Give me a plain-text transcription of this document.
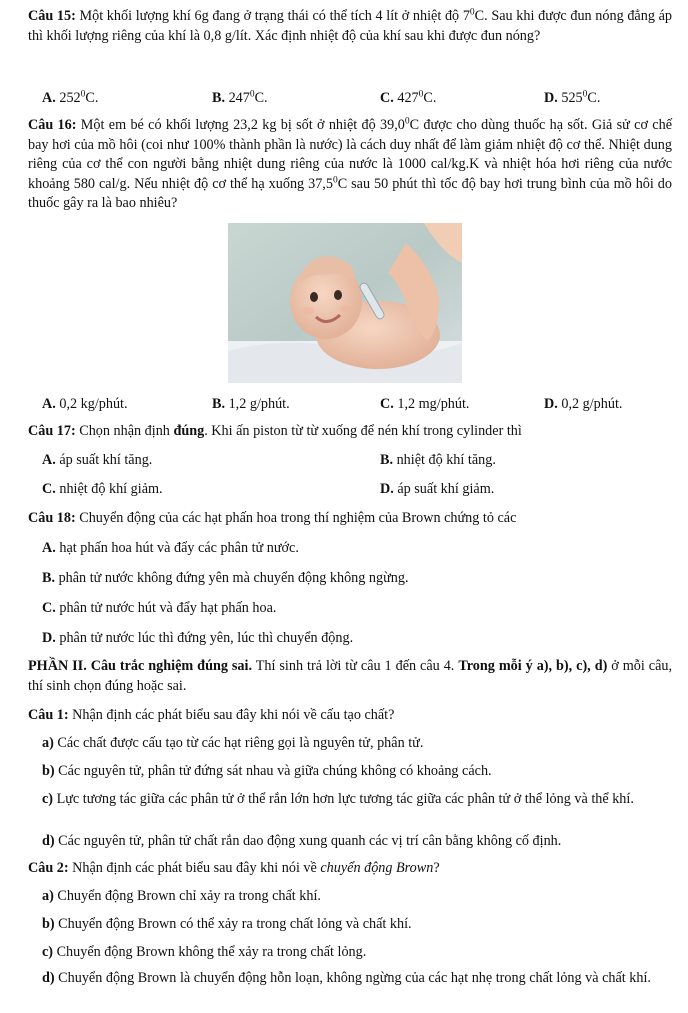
Câu 15: Một khối lượng khí 6g đang ở trạng thái có thể tích 4 lít ở nhiệt độ $7^0C$. Sau khi được đun nóng đẳng áp thì khối lượng riêng của khí là 0,8 g/lít. Xác định nhiệt độ của khí sau khi được đun nóng?
A. $252^0C$.	B. $247^0C$.	C. $427^0C$.	D. $525^0C$.
Câu 16: Một em bé có khối lượng 23,2 kg bị sốt ở nhiệt độ 39,0$^0$C được cho dùng thuốc hạ sốt. Giả sử cơ chế bay hơi của mồ hôi (coi như 100% thành phần là nước) là cách duy nhất để làm giảm nhiệt độ cơ thể. Nhiệt dung riêng của cơ thể con người bằng nhiệt dung riêng của nước là 1000 cal/kg.K và nhiệt hóa hơi riêng của nước khoảng 580 cal/g. Nếu nhiệt độ cơ thể hạ xuống 37,5$^0$C sau 50 phút thì tốc độ bay hơi trung bình của mồ hôi do thuốc gây ra là bao nhiêu?
A. 0,2 kg/phút.	B. 1,2 g/phút.	C. 1,2 mg/phút.	D. 0,2 g/phút.
Câu 17: Chọn nhận định đúng. Khi ấn piston từ từ xuống để nén khí trong cylinder thì
A. áp suất khí tăng.	B. nhiệt độ khí tăng.
C. nhiệt độ khí giảm.	D. áp suất khí giảm.
Câu 18: Chuyển động của các hạt phấn hoa trong thí nghiệm của Brown chứng tỏ các
A. hạt phấn hoa hút và đẩy các phân tử nước.
B. phân tử nước không đứng yên mà chuyển động không ngừng.
C. phân tử nước hút và đẩy hạt phấn hoa.
D. phân tử nước lúc thì đứng yên, lúc thì chuyển động.
PHẦN II. Câu trắc nghiệm đúng sai. Thí sinh trả lời từ câu 1 đến câu 4. Trong mỗi ý a), b), c), d) ở mỗi câu, thí sinh chọn đúng hoặc sai.
Câu 1: Nhận định các phát biểu sau đây khi nói về cấu tạo chất?
a) Các chất được cấu tạo từ các hạt riêng gọi là nguyên tử, phân tử.
b) Các nguyên tử, phân tử đứng sát nhau và giữa chúng không có khoảng cách.
c) Lực tương tác giữa các phân tử ở thể rắn lớn hơn lực tương tác giữa các phân tử ở thể lỏng và thể khí.
d) Các nguyên tử, phân tử chất rắn dao động xung quanh các vị trí cân bằng không cố định.
Câu 2: Nhận định các phát biểu sau đây khi nói về chuyển động Brown?
a) Chuyển động Brown chỉ xảy ra trong chất khí.
b) Chuyển động Brown có thể xảy ra trong chất lỏng và chất khí.
c) Chuyển động Brown không thể xảy ra trong chất lỏng.
d) Chuyển động Brown là chuyển động hỗn loạn, không ngừng của các hạt nhẹ trong chất lỏng và chất khí.
